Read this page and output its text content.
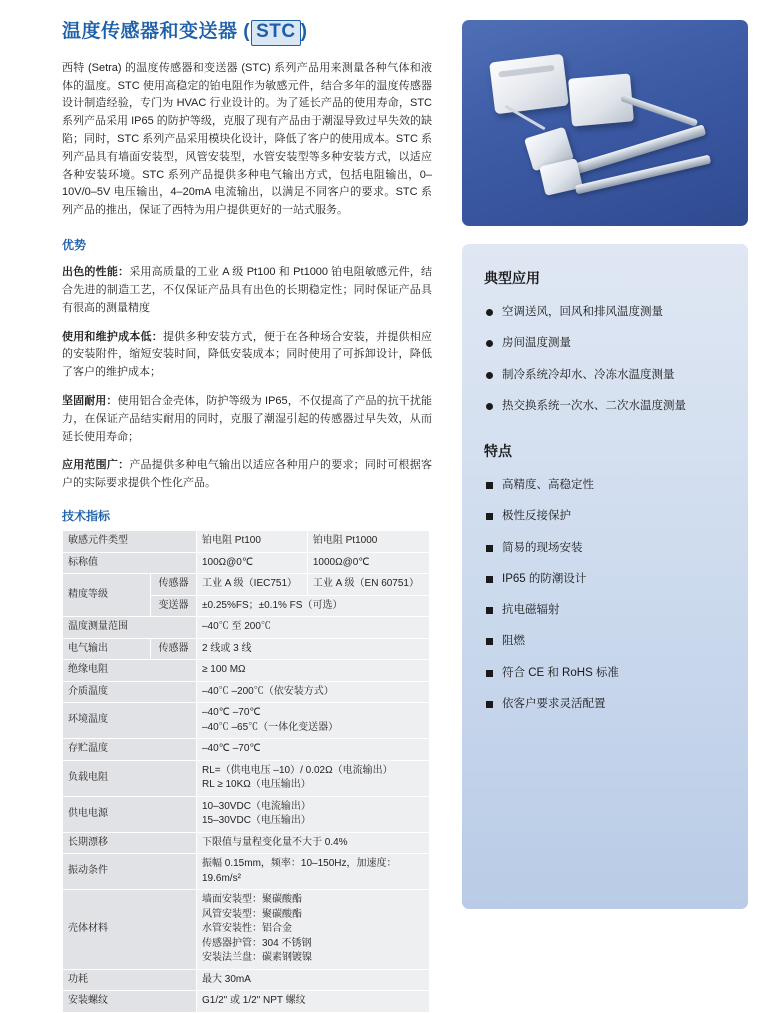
温度传感器和变送器 ( STC )

西特 (Setra) 的温度传感器和变送器 (STC) 系列产品用来测量各种气体和液体的温度。STC 使用高稳定的铂电阻作为敏感元件，结合多年的温度传感器设计制造经验，专门为 HVAC 行业设计的。为了延长产品的使用寿命，STC 系列产品采用 IP65 的防护等级，克服了现有产品由于潮湿导致过早失效的缺陷；同时，STC 系列产品采用模块化设计，降低了客户的使用成本。STC 系列产品具有墙面安装型，风管安装型，水管安装型等多种安装方式，以适应各种安装环境。STC 系列产品提供多种电气输出方式，包括电阻输出，0–10V/0–5V 电压输出，4–20mA 电流输出，以满足不同客户的要求。STC 系列产品的推出，保证了西特为用户提供更好的一站式服务。

优势

出色的性能：采用高质量的工业 A 级 Pt100 和 Pt1000 铂电阻敏感元件，结合先进的制造工艺，不仅保证产品具有出色的长期稳定性；同时保证产品具有很高的测量精度

使用和维护成本低：提供多种安装方式，便于在各种场合安装，并提供相应的安装附件，缩短安装时间，降低安装成本；同时使用了可拆卸设计，降低了客户的维护成本；

坚固耐用：使用铝合金壳体，防护等级为 IP65，不仅提高了产品的抗干扰能力，在保证产品结实耐用的同时，克服了潮湿引起的传感器过早失效，从而延长使用寿命；

应用范围广：产品提供多种电气输出以适应各种用户的要求；同时可根据客户的实际要求提供个性化产品。

技术指标
敏感元件类型		铂电阻 Pt100	铂电阻 Pt1000
标称值		100Ω@0℃	1000Ω@0℃
精度等级	传感器	工业 A 级（IEC751）	工业 A 级（EN 60751）
	变送器	±0.25%FS；±0.1% FS（可选）	
温度测量范围		–40℃ 至 200℃	
电气输出	传感器	2 线或 3 线	
绝缘电阻		≥ 100 MΩ	
介质温度		–40℃ –200℃（依安装方式）	
环境温度		–40℃ –70℃
–40℃ –65℃（一体化变送器）	

存贮温度		–40℃ –70℃	
负载电阻		RL=（供电电压 –10）/ 0.02Ω（电流输出）
RL ≥ 10KΩ（电压输出）	

供电电源		10–30VDC（电流输出）
15–30VDC（电压输出）	

长期漂移		下限值与量程变化量不大于 0.4%	
振动条件		振幅 0.15mm，频率：10–150Hz，加速度：19.6m/s²	
壳体材料		墙面安装型：聚碳酸酯
风管安装型：聚碳酸酯
水管安装性：铝合金
传感器护管：304 不锈钢
安装法兰盘：碳素钢镀镍	

功耗		最大 30mA	
安装螺纹		G1/2" 或 1/2" NPT 螺纹	
典型应用
空调送风，回风和排风温度测量
房间温度测量
制冷系统冷却水、冷冻水温度测量
热交换系统一次水、二次水温度测量
特点
高精度、高稳定性
极性反接保护
简易的现场安装
IP65 的防潮设计
抗电磁辐射
阻燃
符合 CE 和 RoHS 标准
依客户要求灵活配置
